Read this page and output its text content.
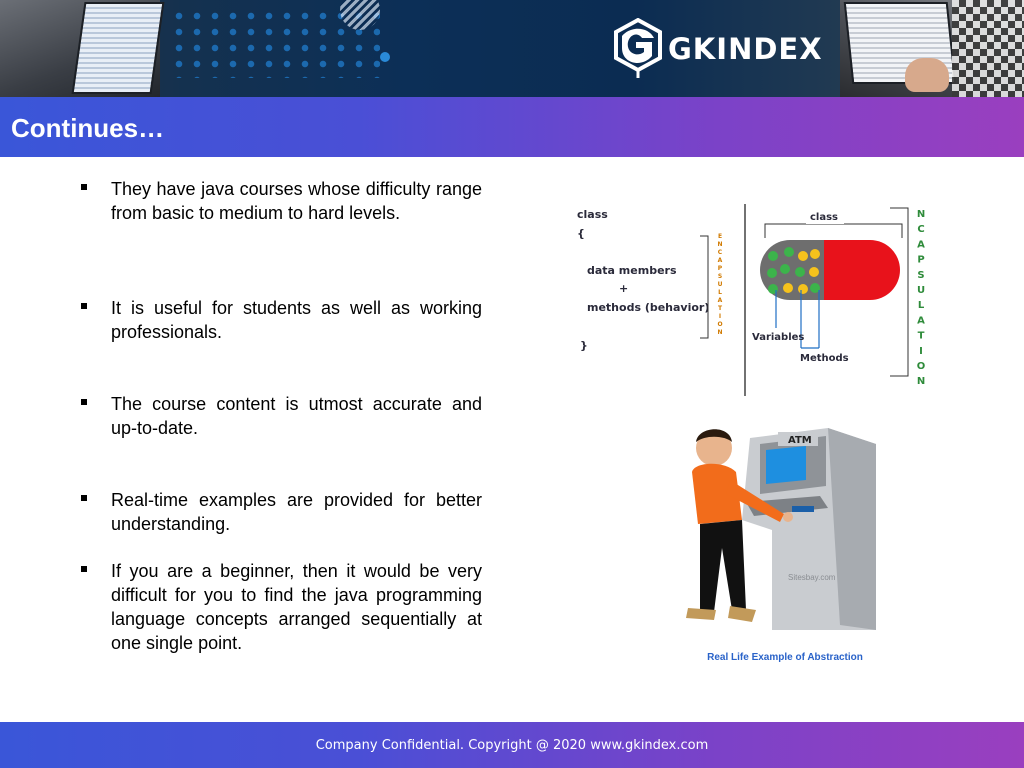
GKINDEX
Continues…
They have java courses whose difficulty range from basic to medium to hard levels.
It is useful for students as well as working professionals.
The course content is utmost accurate and up-to-date.
Real-time examples are provided for better understanding.
If you are a beginner, then it would be very difficult for you to find the java programming language concepts arranged sequentially at one single point.
class
{
data members
+
methods (behavior)
}
E
N
C
A
P
S
U
L
A
T
I
O
N
class
Variables
Methods
N
C
A
P
S
U
L
A
T
I
O
N
ATM
Sitesbay.com
Real Life Example of Abstraction
Company Confidential. Copyright @ 2020 www.gkindex.com
